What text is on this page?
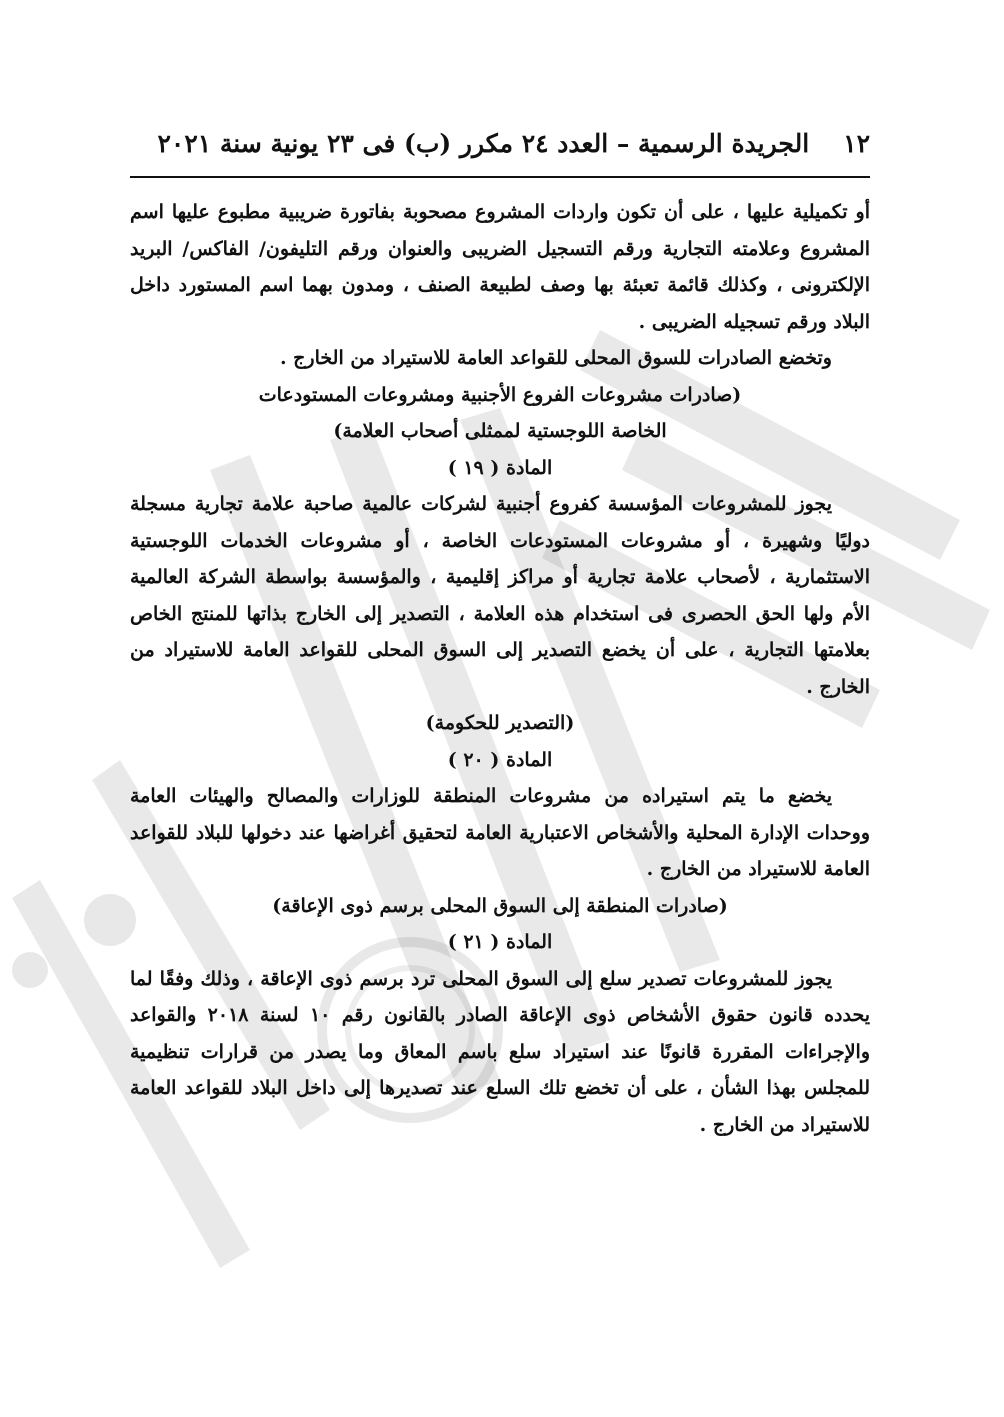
١٢
الجريدة الرسمية – العدد ٢٤ مكرر (ب) فى ٢٣ يونية سنة ٢٠٢١

أو تكميلية عليها ، على أن تكون واردات المشروع مصحوبة بفاتورة ضريبية مطبوع عليها اسم المشروع وعلامته التجارية ورقم التسجيل الضريبى والعنوان ورقم التليفون/ الفاكس/ البريد الإلكترونى ، وكذلك قائمة تعبئة بها وصف لطبيعة الصنف ، ومدون بهما اسم المستورد داخل البلاد ورقم تسجيله الضريبى .

وتخضع الصادرات للسوق المحلى للقواعد العامة للاستيراد من الخارج .

(صادرات مشروعات الفروع الأجنبية ومشروعات المستودعات

الخاصة اللوجستية لممثلى أصحاب العلامة)

المادة ( ١٩ )

يجوز للمشروعات المؤسسة كفروع أجنبية لشركات عالمية صاحبة علامة تجارية مسجلة دوليًا وشهيرة ، أو مشروعات المستودعات الخاصة ، أو مشروعات الخدمات اللوجستية الاستثمارية ، لأصحاب علامة تجارية أو مراكز إقليمية ، والمؤسسة بواسطة الشركة العالمية الأم ولها الحق الحصرى فى استخدام هذه العلامة ، التصدير إلى الخارج بذاتها للمنتج الخاص بعلامتها التجارية ، على أن يخضع التصدير إلى السوق المحلى للقواعد العامة للاستيراد من الخارج .

(التصدير للحكومة)

المادة ( ٢٠ )

يخضع ما يتم استيراده من مشروعات المنطقة للوزارات والمصالح والهيئات العامة ووحدات الإدارة المحلية والأشخاص الاعتبارية العامة لتحقيق أغراضها عند دخولها للبلاد للقواعد العامة للاستيراد من الخارج .

(صادرات المنطقة إلى السوق المحلى برسم ذوى الإعاقة)

المادة ( ٢١ )

يجوز للمشروعات تصدير سلع إلى السوق المحلى ترد برسم ذوى الإعاقة ، وذلك وفقًا لما يحدده قانون حقوق الأشخاص ذوى الإعاقة الصادر بالقانون رقم ١٠ لسنة ٢٠١٨ والقواعد والإجراءات المقررة قانونًا عند استيراد سلع باسم المعاق وما يصدر من قرارات تنظيمية للمجلس بهذا الشأن ، على أن تخضع تلك السلع عند تصديرها إلى داخل البلاد للقواعد العامة للاستيراد من الخارج .
